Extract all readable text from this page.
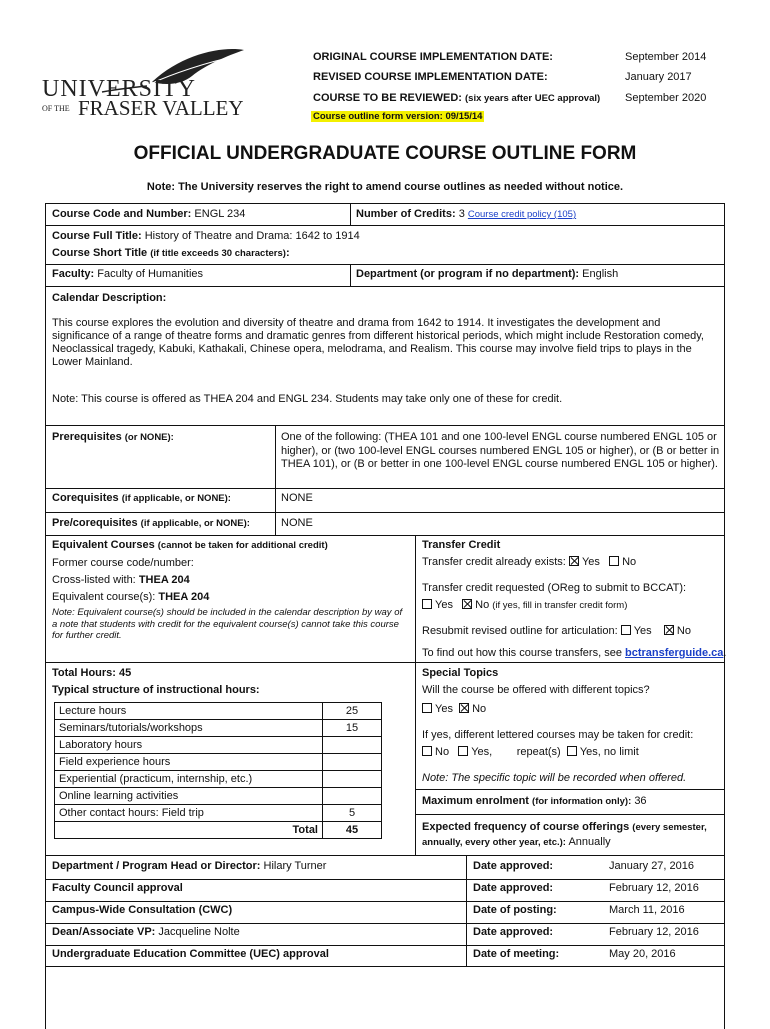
UNIVERSITY
OF THE FRASER VALLEY
ORIGINAL COURSE IMPLEMENTATION DATE:	September 2014
REVISED COURSE IMPLEMENTATION DATE:	January 2017
COURSE TO BE REVIEWED: (six years after UEC approval) September 2020
Course outline form version: 09/15/14
OFFICIAL UNDERGRADUATE COURSE OUTLINE FORM
Note: The University reserves the right to amend course outlines as needed without notice.
Course Code and Number: ENGL 234	Number of Credits: 3 Course credit policy (105)
Course Full Title: History of Theatre and Drama: 1642 to 1914
Course Short Title (if title exceeds 30 characters):
Faculty: Faculty of Humanities	Department (or program if no department): English
Calendar Description:
This course explores the evolution and diversity of theatre and drama from 1642 to 1914. It investigates the development and significance of a range of theatre forms and dramatic genres from different historical periods, which might include Restoration comedy, Neoclassical tragedy, Kabuki, Kathakali, Chinese opera, melodrama, and Realism. This course may involve field trips to plays in the Lower Mainland.
Note: This course is offered as THEA 204 and ENGL 234. Students may take only one of these for credit.
Prerequisites (or NONE):	One of the following: (THEA 101 and one 100-level ENGL course numbered ENGL 105 or higher), or (two 100-level ENGL courses numbered ENGL 105 or higher), or (B or better in THEA 101), or (B or better in one 100-level ENGL course numbered ENGL 105 or higher).
Corequisites (if applicable, or NONE):	NONE
Pre/corequisites (if applicable, or NONE):	NONE
Equivalent Courses (cannot be taken for additional credit)
Former course code/number:
Cross-listed with: THEA 204
Equivalent course(s): THEA 204
Note: Equivalent course(s) should be included in the calendar description by way of a note that students with credit for the equivalent course(s) cannot take this course for further credit.
Transfer Credit
Transfer credit already exists: Yes No
Transfer credit requested (OReg to submit to BCCAT):
Yes No (if yes, fill in transfer credit form)
Resubmit revised outline for articulation: Yes No
To find out how this course transfers, see bctransferguide.ca.
Total Hours: 45
Typical structure of instructional hours:
Lecture hours	25
Seminars/tutorials/workshops	15
Laboratory hours	
Field experience hours	
Experiential (practicum, internship, etc.)	
Online learning activities	
Other contact hours: Field trip	5
Total	45
Special Topics
Will the course be offered with different topics?
Yes No
If yes, different lettered courses may be taken for credit:
No Yes, repeat(s) Yes, no limit
Note: The specific topic will be recorded when offered.
Maximum enrolment (for information only): 36
Expected frequency of course offerings (every semester,
annually, every other year, etc.): Annually
Department / Program Head or Director: Hilary Turner	Date approved:	January 27, 2016
Faculty Council approval	Date approved:	February 12, 2016
Campus-Wide Consultation (CWC)	Date of posting:	March 11, 2016
Dean/Associate VP: Jacqueline Nolte	Date approved:	February 12, 2016
Undergraduate Education Committee (UEC) approval	Date of meeting:	May 20, 2016
